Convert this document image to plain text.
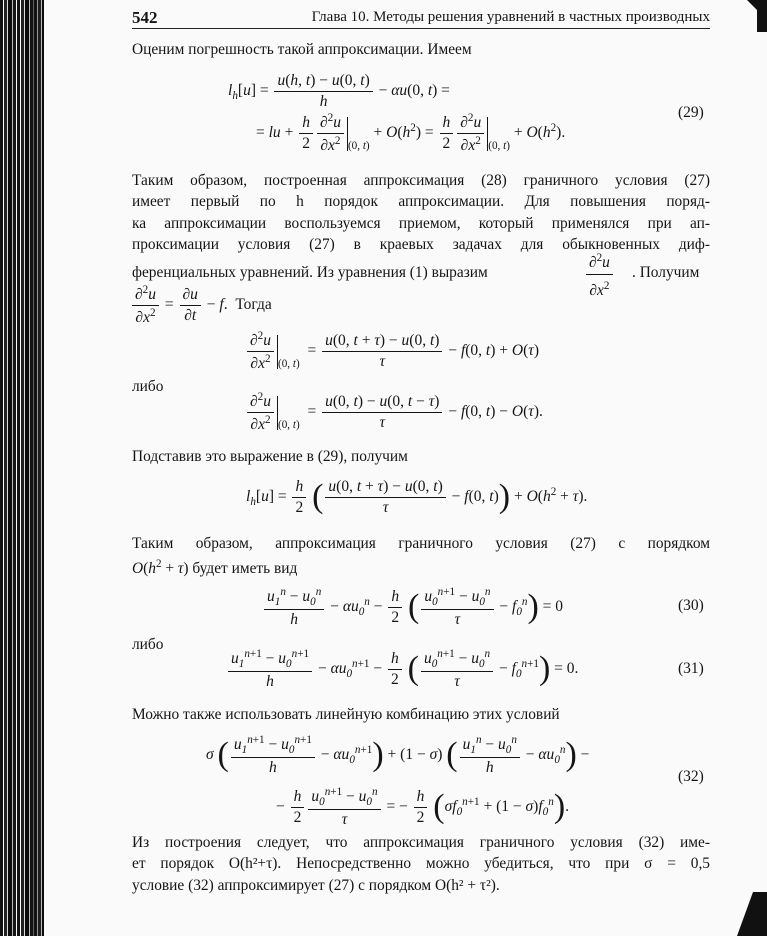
542	Глава 10. Методы решения уравнений в частных производных
Оценим погрешность такой аппроксимации. Имеем
$l_h[u] = \frac{u(h, t) - u(0, t)}{h} - \alpha u(0$, t) =
= lu + $\frac{h}{2} \frac{\partial^2u}{\partial x^2} _{(0, t)} + O(h^2) = \frac{h}{2} \frac{\partial^2u}{\partial x^2} _{(0, t)} + O(h^2)$.
(29)
Таким образом, построенная аппроксимация (28) граничного условия (27)
имеет первый по h порядок аппроксимации. Для повышения поряд-
ка аппроксимации воспользуемся приемом, который применялся при ап-
проксимации условия (27) в краевых задачах для обыкновенных диф-
ференциальных уравнений. Из уравнения (1) выразим	$\frac{\partial^2u}{\partial x^2}$ . Получим
$\frac{\partial^2u}{\partial x^2} = \frac{\partial u}{\partial t} - f$.  Тогда
$\frac{\partial^2u}{\partial x^2} _{(0, t)} = \frac{u(0, t + \tau) - u(0, t)}{\tau} - f(0$, t) + O(τ)
либо
$\frac{\partial^2u}{\partial x^2} _{(0, t)} = \frac{u(0, t) - u(0, t - \tau)}{\tau} - f(0$, t) − O(τ).
Подставив это выражение в (29), получим
$l_h[u] = \frac{h}{2}$ ( $\frac{u(0, t + \tau) - u(0, t)}{\tau} - f(0$, $t)) + O(h^2 + \tau)$.
Таким образом, аппроксимация граничного условия (27) с порядком
$O(h^2 + \tau)$ будет иметь вид
$\frac{u_1^n - u_0^n}{h} - \alpha u_0^n - \frac{h}{2}$ ( $\frac{u_0^{n+1} - u_0^n}{\tau} - f_0^n) = 0$	(30)
либо
$\frac{u_1^{n+1} - u_0^{n+1}}{h} - \alpha u_0^{n+1} - \frac{h}{2}$ ( $\frac{u_0^{n+1} - u_0^n}{\tau} - f_0^{n+1}) = 0$.	(31)
Можно также использовать линейную комбинацию этих условий
σ ( $\frac{u_1^{n+1} - u_0^{n+1}}{h} - \alpha u_0^{n+1}) + (1 - \sigma)$ ( $\frac{u_1^n - u_0^n}{h} - \alpha u_0^n$) −
− $\frac{h}{2} \frac{u_0^{n+1} - u_0^n}{\tau}$ = − $\frac{h}{2} (\sigma f_0^{n+1} + (1 - \sigma)f_0^n)$.
(32)
Из построения следует, что аппроксимация граничного условия (32) име-
ет порядок O(h²+τ). Непосредственно можно убедиться, что при σ = 0,5
условие (32) аппроксимирует (27) с порядком O(h² + τ²).
